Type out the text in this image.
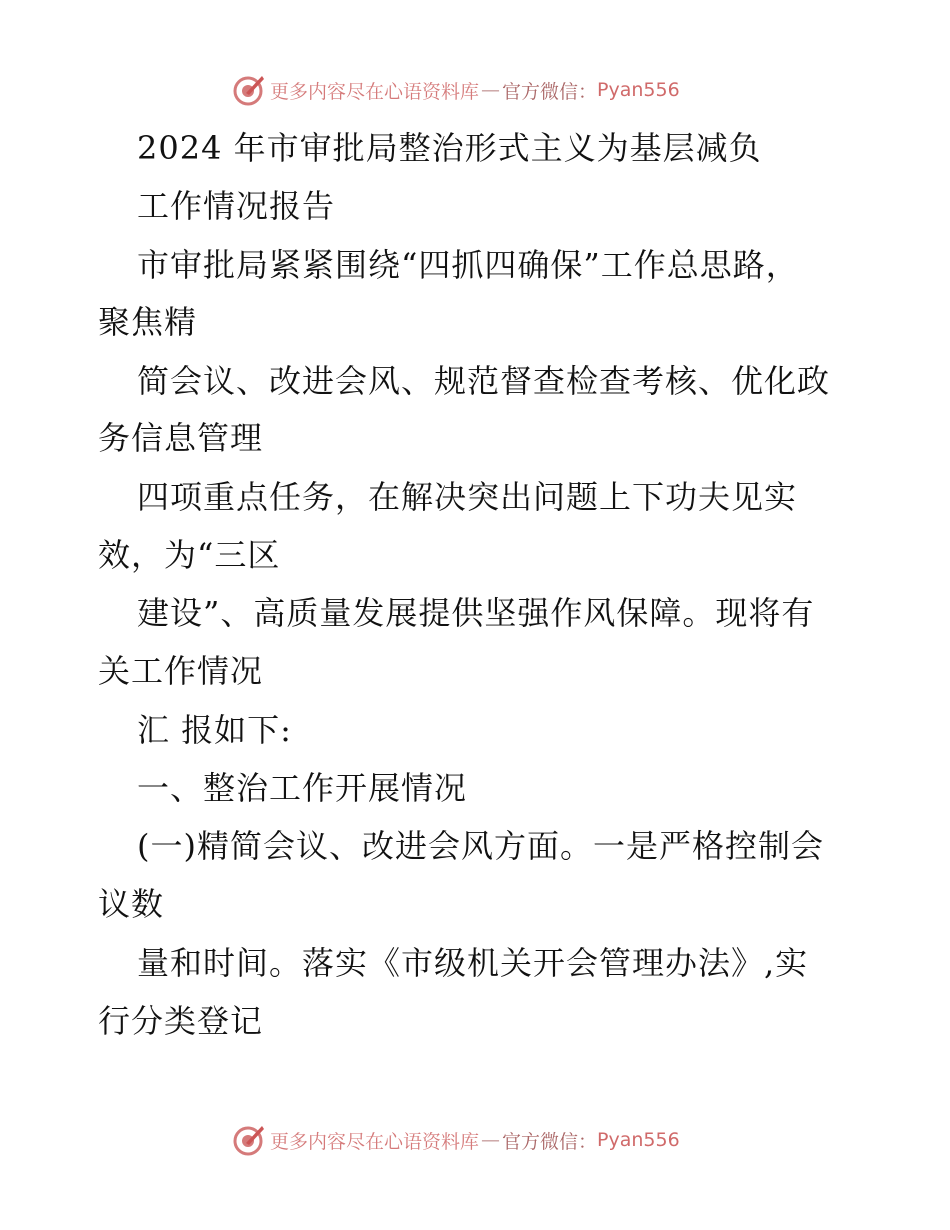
更多内容尽在心语资料库 — 官方微信： Pyan556
2024 年市审批局整治形式主义为基层减负
工作情况报告
市审批局紧紧围绕“四抓四确保”工作总思路，
聚焦精
简会议、改进会风、规范督查检查考核、优化政
务信息管理
四项重点任务，在解决突出问题上下功夫见实
效，为“三区
建设”、高质量发展提供坚强作风保障。现将有
关工作情况
汇 报如下:
一、整治工作开展情况
(一)精简会议、改进会风方面。一是严格控制会
议数
量和时间。落实《市级机关开会管理办法》,实
行分类登记
更多内容尽在心语资料库 — 官方微信： Pyan556
